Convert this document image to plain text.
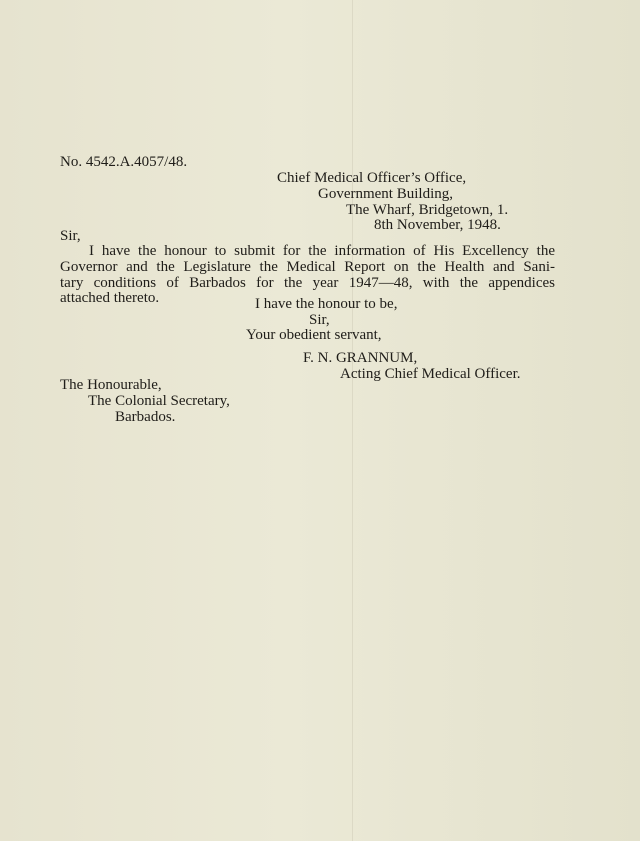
No. 4542.A.4057/48.
Chief Medical Officer’s Office,
Government Building,
The Wharf, Bridgetown, 1.
8th November, 1948.
Sir,
I have the honour to submit for the information of His Excellency the
Governor and the Legislature the Medical Report on the Health and Sani-
tary conditions of Barbados for the year 1947—48, with the appendices
attached thereto.	I have the honour to be,
Sir,
Your obedient servant,
F. N. GRANNUM,
Acting Chief Medical Officer.
The Honourable,
The Colonial Secretary,
Barbados.
